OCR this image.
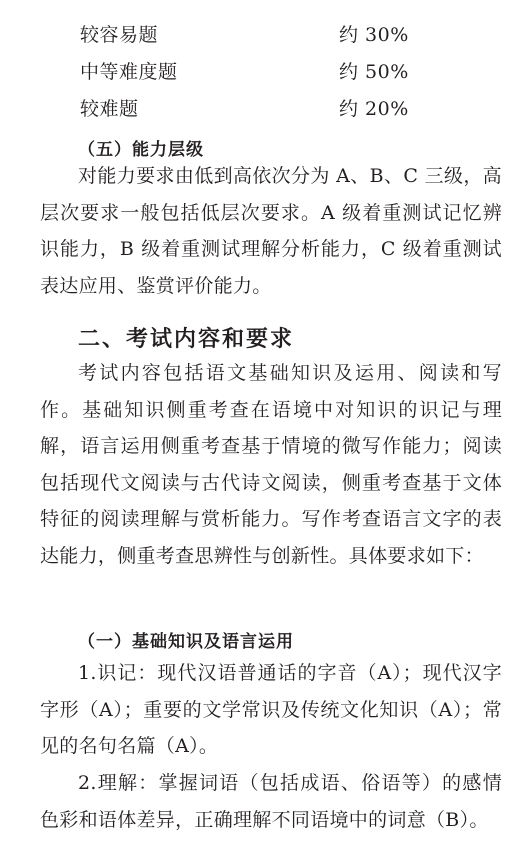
较容易题	约 30%
中等难度题	约 50%
较难题	约 20%
（五）能力层级

对能力要求由低到高依次分为 A、B、C 三级，高层次要求一般包括低层次要求。A 级着重测试记忆辨识能力，B 级着重测试理解分析能力，C 级着重测试表达应用、鉴赏评价能力。

二、考试内容和要求

考试内容包括语文基础知识及运用、阅读和写作。基础知识侧重考查在语境中对知识的识记与理解，语言运用侧重考查基于情境的微写作能力；阅读包括现代文阅读与古代诗文阅读，侧重考查基于文体特征的阅读理解与赏析能力。写作考查语言文字的表达能力，侧重考查思辨性与创新性。具体要求如下：

（一）基础知识及语言运用

1.识记：现代汉语普通话的字音（A）；现代汉字字形（A）；重要的文学常识及传统文化知识（A）；常见的名句名篇（A）。

2.理解：掌握词语（包括成语、俗语等）的感情色彩和语体差异，正确理解不同语境中的词意（B）。
